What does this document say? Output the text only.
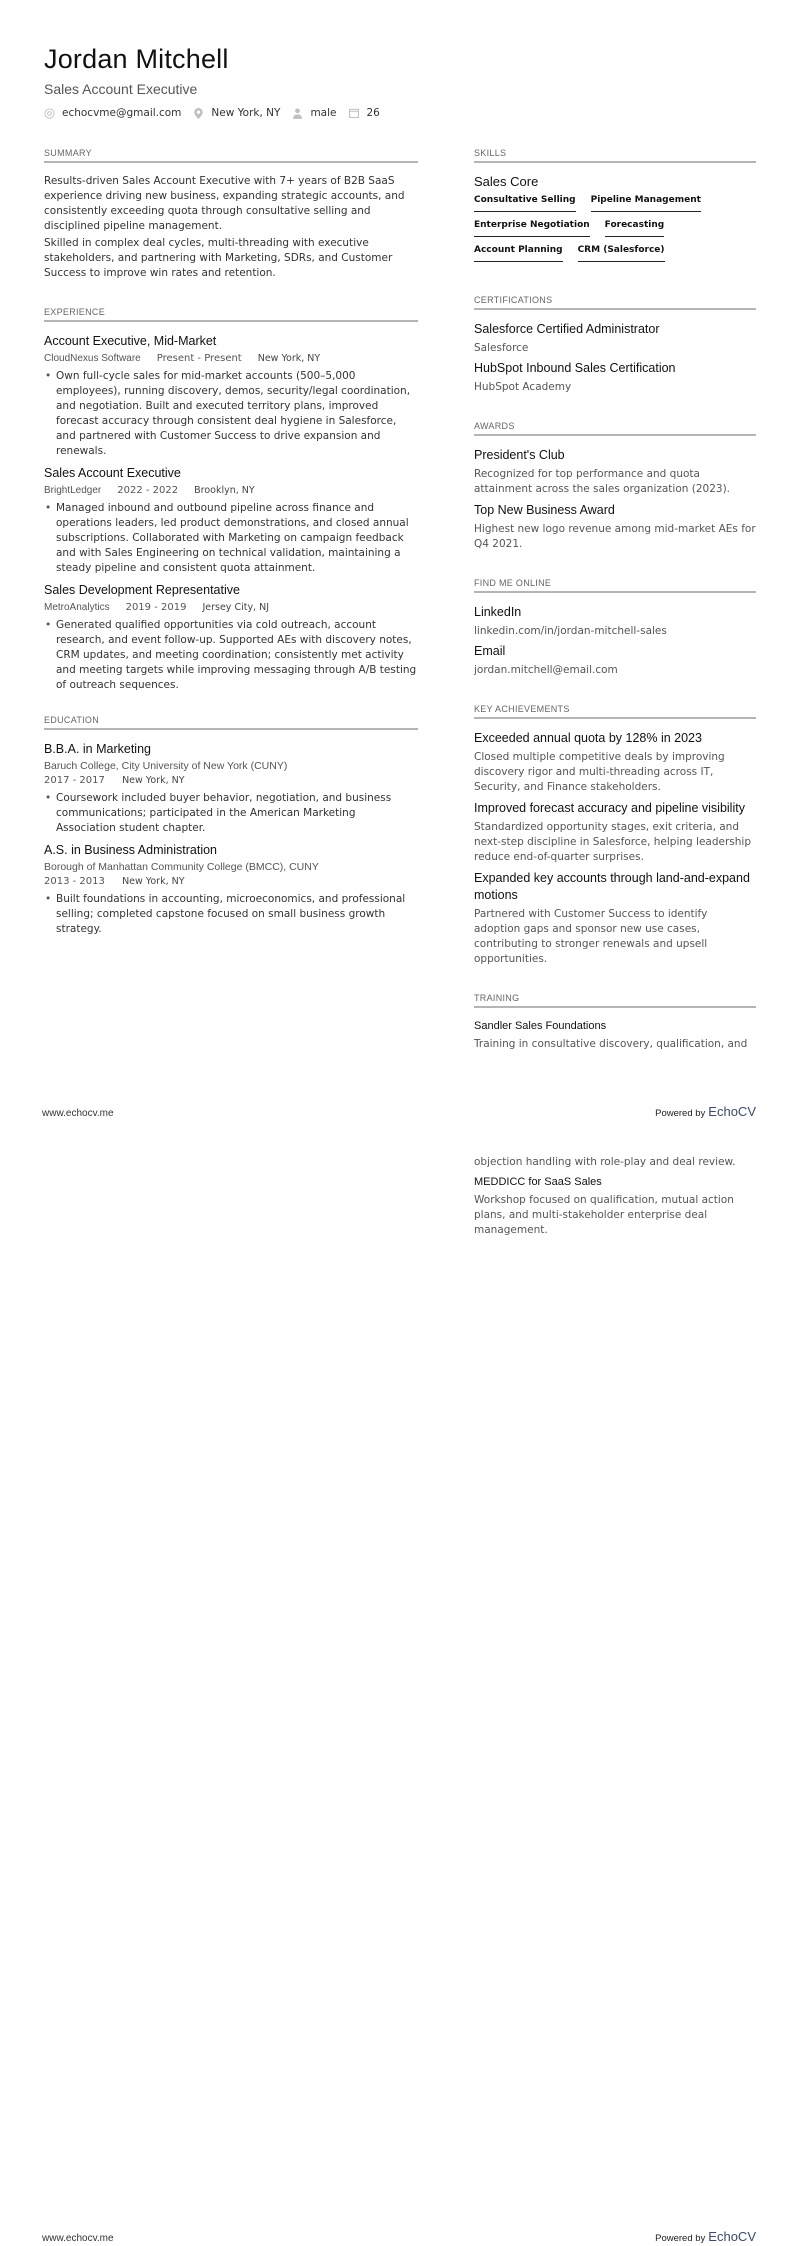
Jordan Mitchell
Sales Account Executive
echocvme@gmail.com	New York, NY	male	26
SUMMARY

Results-driven Sales Account Executive with 7+ years of B2B SaaS experience driving new business, expanding strategic accounts, and consistently exceeding quota through consultative selling and disciplined pipeline management.

Skilled in complex deal cycles, multi-threading with executive stakeholders, and partnering with Marketing, SDRs, and Customer Success to improve win rates and retention.

EXPERIENCE
Account Executive, Mid-Market
CloudNexus Software Present - Present New York, NY
• Own full-cycle sales for mid-market accounts (500–5,000 employees), running discovery, demos, security/legal coordination, and negotiation. Built and executed territory plans, improved forecast accuracy through consistent deal hygiene in Salesforce, and partnered with Customer Success to drive expansion and renewals.
Sales Account Executive
BrightLedger 2022 - 2022 Brooklyn, NY
• Managed inbound and outbound pipeline across finance and operations leaders, led product demonstrations, and closed annual subscriptions. Collaborated with Marketing on campaign feedback and with Sales Engineering on technical validation, maintaining a steady pipeline and consistent quota attainment.
Sales Development Representative
MetroAnalytics 2019 - 2019 Jersey City, NJ
• Generated qualified opportunities via cold outreach, account research, and event follow-up. Supported AEs with discovery notes, CRM updates, and meeting coordination; consistently met activity and meeting targets while improving messaging through A/B testing of outreach sequences.
EDUCATION
B.B.A. in Marketing
Baruch College, City University of New York (CUNY)
2017 - 2017 New York, NY
• Coursework included buyer behavior, negotiation, and business communications; participated in the American Marketing Association student chapter.
A.S. in Business Administration
Borough of Manhattan Community College (BMCC), CUNY
2013 - 2013 New York, NY
• Built foundations in accounting, microeconomics, and professional selling; completed capstone focused on small business growth strategy.
SKILLS
Sales Core
Consultative Selling Pipeline Management
Enterprise Negotiation Forecasting
Account Planning CRM (Salesforce)
CERTIFICATIONS
Salesforce Certified Administrator
Salesforce
HubSpot Inbound Sales Certification
HubSpot Academy
AWARDS
President's Club
Recognized for top performance and quota attainment across the sales organization (2023).
Top New Business Award
Highest new logo revenue among mid-market AEs for Q4 2021.
FIND ME ONLINE
LinkedIn
linkedin.com/in/jordan-mitchell-sales
Email
jordan.mitchell@email.com
KEY ACHIEVEMENTS
Exceeded annual quota by 128% in 2023
Closed multiple competitive deals by improving discovery rigor and multi-threading across IT, Security, and Finance stakeholders.
Improved forecast accuracy and pipeline visibility
Standardized opportunity stages, exit criteria, and next-step discipline in Salesforce, helping leadership reduce end-of-quarter surprises.
Expanded key accounts through land-and-expand motions
Partnered with Customer Success to identify adoption gaps and sponsor new use cases, contributing to stronger renewals and upsell opportunities.
TRAINING
Sandler Sales Foundations
Training in consultative discovery, qualification, and
www.echocv.me	Powered by EchoCV
objection handling with role-play and deal review.
MEDDICC for SaaS Sales
Workshop focused on qualification, mutual action plans, and multi-stakeholder enterprise deal management.
www.echocv.me	Powered by EchoCV
